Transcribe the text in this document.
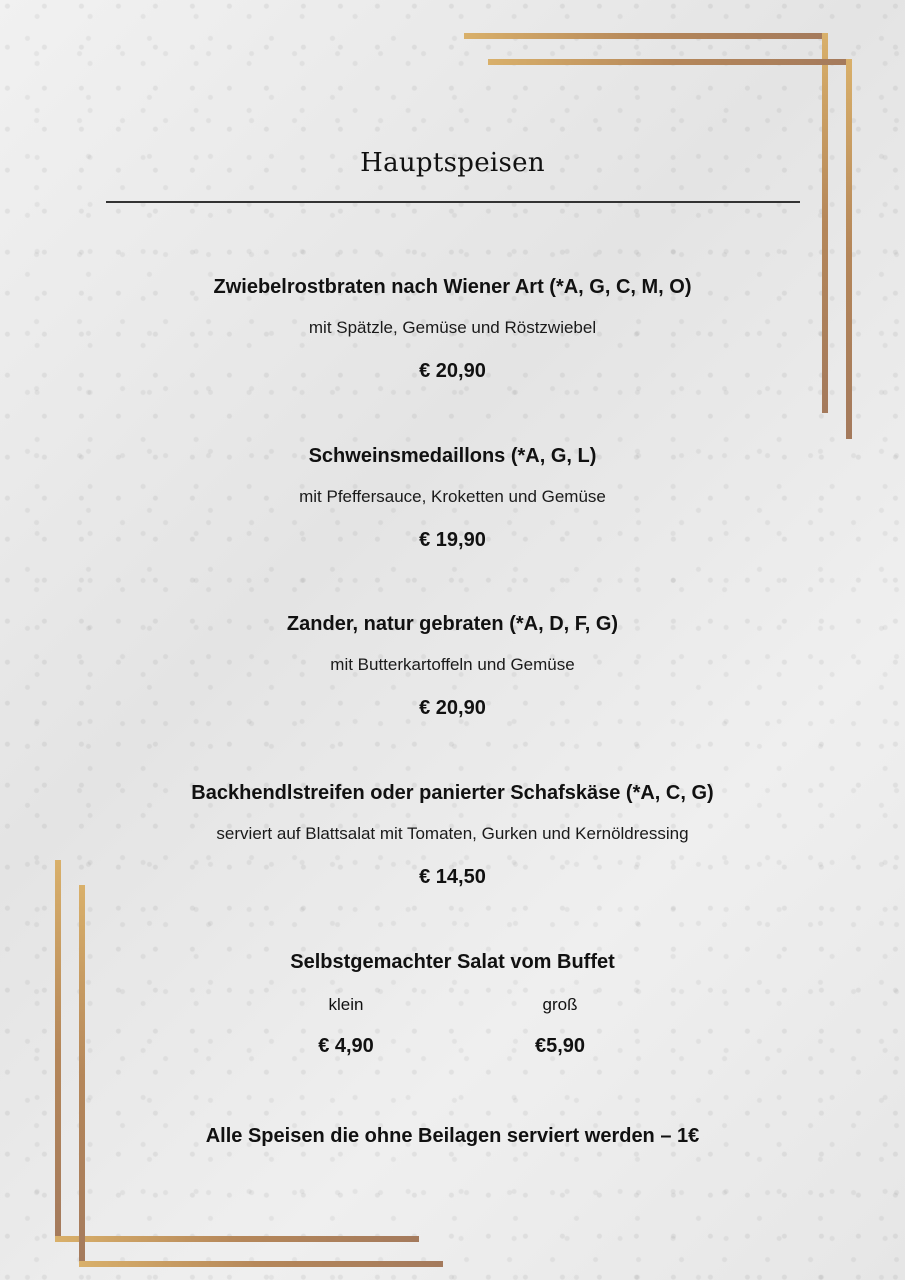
Hauptspeisen
Zwiebelrostbraten nach Wiener Art (*A, G, C, M, O)
mit Spätzle, Gemüse und Röstzwiebel
€ 20,90
Schweinsmedaillons (*A, G, L)
mit Pfeffersauce, Kroketten und Gemüse
€ 19,90
Zander, natur gebraten (*A, D, F, G)
mit Butterkartoffeln und Gemüse
€ 20,90
Backhendlstreifen oder panierter Schafskäse (*A, C, G)
serviert auf Blattsalat mit Tomaten, Gurken und Kernöldressing
€ 14,50
Selbstgemachter Salat vom Buffet
klein
€ 4,90
groß
€5,90
Alle Speisen die ohne Beilagen serviert werden – 1€
